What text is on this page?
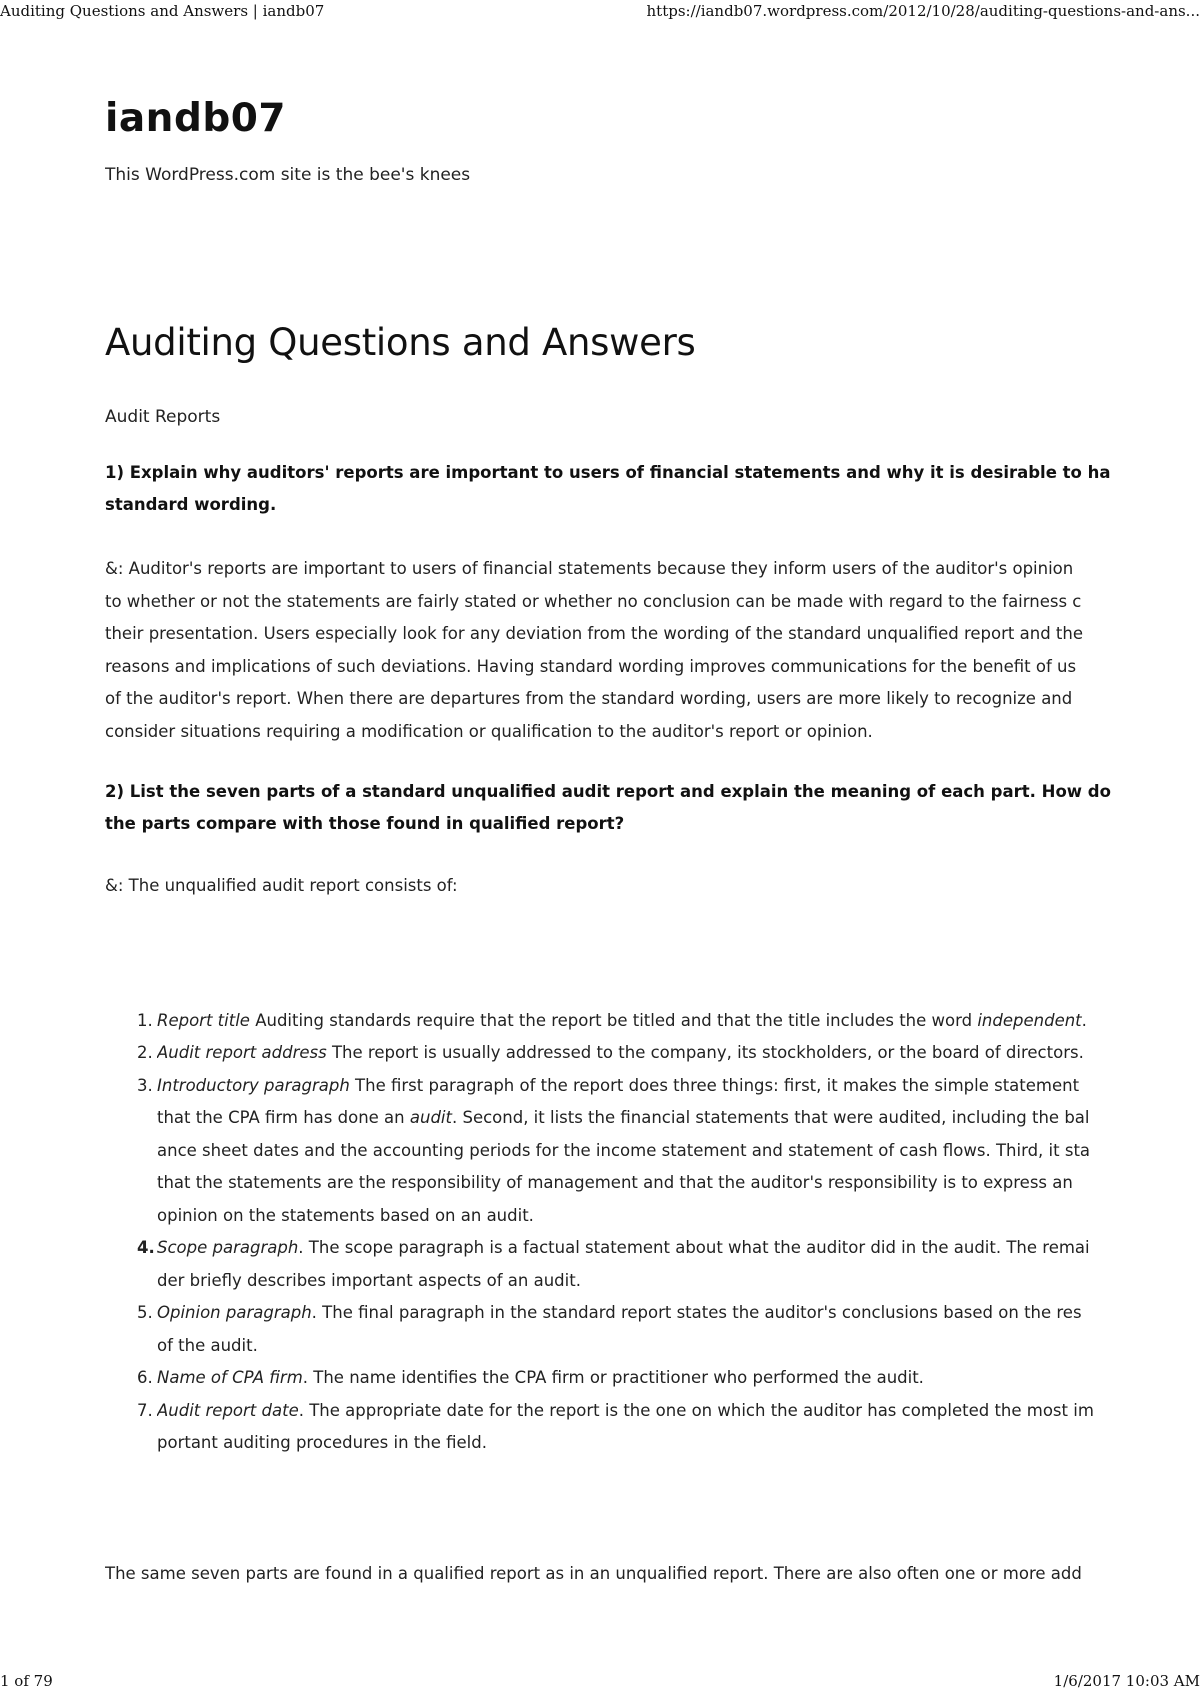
Auditing Questions and Answers | iandb07	https://iandb07.wordpress.com/2012/10/28/auditing-questions-and-ans...
iandb07

This WordPress.com site is the bee's knees

Auditing Questions and Answers

Audit Reports

1) Explain why auditors' reports are important to users of financial statements and why it is desirable to ha
standard wording.
&: Auditor's reports are important to users of financial statements because they inform users of the auditor's opinion
to whether or not the statements are fairly stated or whether no conclusion can be made with regard to the fairness c
their presentation. Users especially look for any deviation from the wording of the standard unqualified report and the
reasons and implications of such deviations. Having standard wording improves communications for the benefit of us
of the auditor's report. When there are departures from the standard wording, users are more likely to recognize and
consider situations requiring a modification or qualification to the auditor's report or opinion.
2) List the seven parts of a standard unqualified audit report and explain the meaning of each part. How do
the parts compare with those found in qualified report?
&: The unqualified audit report consists of:
1. Report title Auditing standards require that the report be titled and that the title includes the word independent.
2. Audit report address The report is usually addressed to the company, its stockholders, or the board of directors.
3. Introductory paragraph The first paragraph of the report does three things: first, it makes the simple statement
that the CPA firm has done an audit. Second, it lists the financial statements that were audited, including the bal
ance sheet dates and the accounting periods for the income statement and statement of cash flows. Third, it sta
that the statements are the responsibility of management and that the auditor's responsibility is to express an
opinion on the statements based on an audit.
4. Scope paragraph. The scope paragraph is a factual statement about what the auditor did in the audit. The remai
der briefly describes important aspects of an audit.
5. Opinion paragraph. The final paragraph in the standard report states the auditor's conclusions based on the res
of the audit.
6. Name of CPA firm. The name identifies the CPA firm or practitioner who performed the audit.
7. Audit report date. The appropriate date for the report is the one on which the auditor has completed the most im
portant auditing procedures in the field.
The same seven parts are found in a qualified report as in an unqualified report. There are also often one or more add
1 of 79	1/6/2017 10:03 AM
